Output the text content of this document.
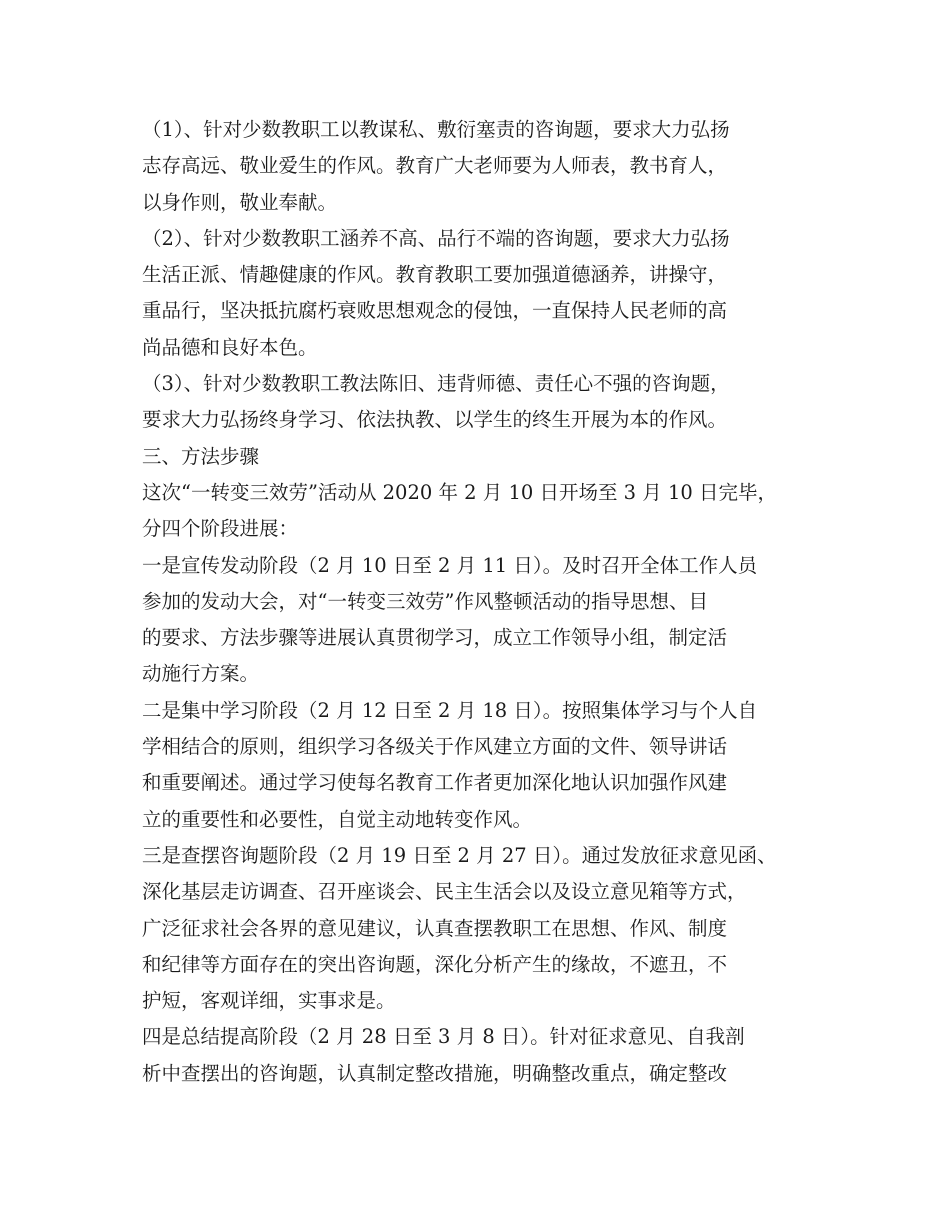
（1）、针对少数教职工以教谋私、敷衍塞责的咨询题，要求大力弘扬
志存高远、敬业爱生的作风。教育广大老师要为人师表，教书育人，
以身作则，敬业奉献。
（2）、针对少数教职工涵养不高、品行不端的咨询题，要求大力弘扬
生活正派、情趣健康的作风。教育教职工要加强道德涵养，讲操守，
重品行，坚决抵抗腐朽衰败思想观念的侵蚀，一直保持人民老师的高
尚品德和良好本色。
（3）、针对少数教职工教法陈旧、违背师德、责任心不强的咨询题，
要求大力弘扬终身学习、依法执教、以学生的终生开展为本的作风。
三、方法步骤
这次“一转变三效劳”活动从 2020 年 2 月 10 日开场至 3 月 10 日完毕，
分四个阶段进展：
一是宣传发动阶段（2 月 10 日至 2 月 11 日）。及时召开全体工作人员
参加的发动大会，对“一转变三效劳”作风整顿活动的指导思想、目
的要求、方法步骤等进展认真贯彻学习，成立工作领导小组，制定活
动施行方案。
二是集中学习阶段（2 月 12 日至 2 月 18 日）。按照集体学习与个人自
学相结合的原则，组织学习各级关于作风建立方面的文件、领导讲话
和重要阐述。通过学习使每名教育工作者更加深化地认识加强作风建
立的重要性和必要性，自觉主动地转变作风。
三是查摆咨询题阶段（2 月 19 日至 2 月 27 日）。通过发放征求意见函、
深化基层走访调查、召开座谈会、民主生活会以及设立意见箱等方式，
广泛征求社会各界的意见建议，认真查摆教职工在思想、作风、制度
和纪律等方面存在的突出咨询题，深化分析产生的缘故，不遮丑，不
护短，客观详细，实事求是。
四是总结提高阶段（2 月 28 日至 3 月 8 日）。针对征求意见、自我剖
析中查摆出的咨询题，认真制定整改措施，明确整改重点，确定整改
